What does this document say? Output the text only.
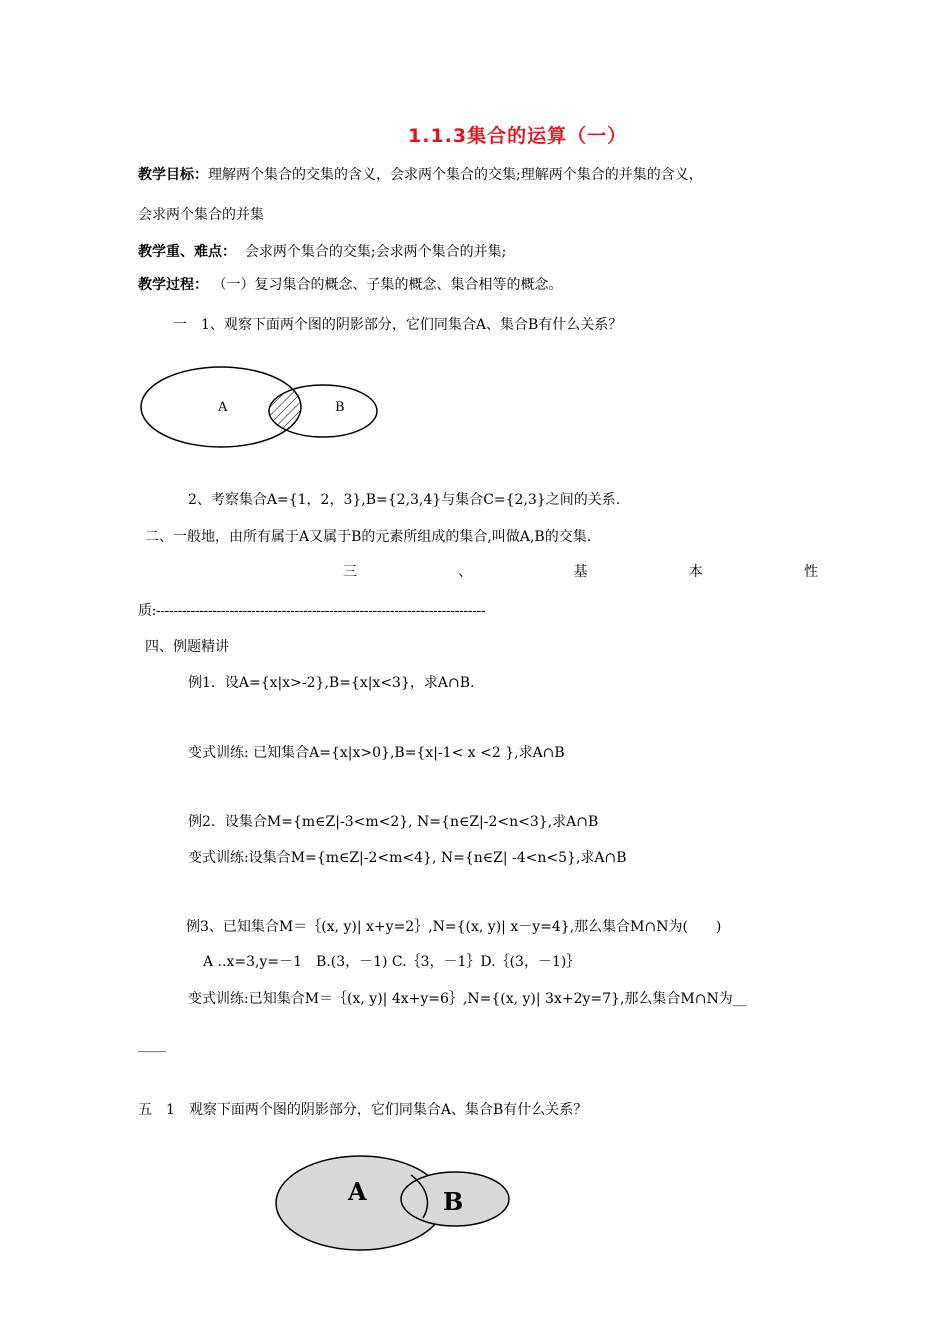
1.1.3集合的运算（一）
教学目标：理解两个集合的交集的含义，会求两个集合的交集;理解两个集合的并集的含义，
会求两个集合的并集
教学重、难点： 会求两个集合的交集;会求两个集合的并集;
教学过程： （一）复习集合的概念、子集的概念、集合相等的概念。
一　1、观察下面两个图的阴影部分，它们同集合A、集合B有什么关系？
A	B
2、考察集合A={1，2，3},B={2,3,4}与集合C={2,3}之间的关系.
二、一般地，由所有属于A又属于B的元素所组成的集合,叫做A,B的交集.
三	、	基	本	性
质:----------------------------------------------------------------------------
四、例题精讲
例1．设A={x|x>-2},B={x|x<3}，求A∩B.
变式训练: 已知集合A={x|x>0},B={x|-1< x <2 },求A∩B
例2．设集合M={m∈Z|-3<m<2}, N={n∈Z|-2<n<3},求A∩B
变式训练:设集合M={m∈Z|-2<m<4}, N={n∈Z| -4<n<5},求A∩B
例3、已知集合M＝｛(x, y)| x+y=2｝,N={(x, y)| x－y=4},那么集合M∩N为(　　)
A ..x=3,y=－1　B.(3，－1) C.｛3，－1｝D.｛(3，－1)｝
变式训练:已知集合M＝｛(x, y)| 4x+y=6｝,N={(x, y)| 3x+2y=7},那么集合M∩N为__
____
五　1　观察下面两个图的阴影部分，它们同集合A、集合B有什么关系？
A	B
